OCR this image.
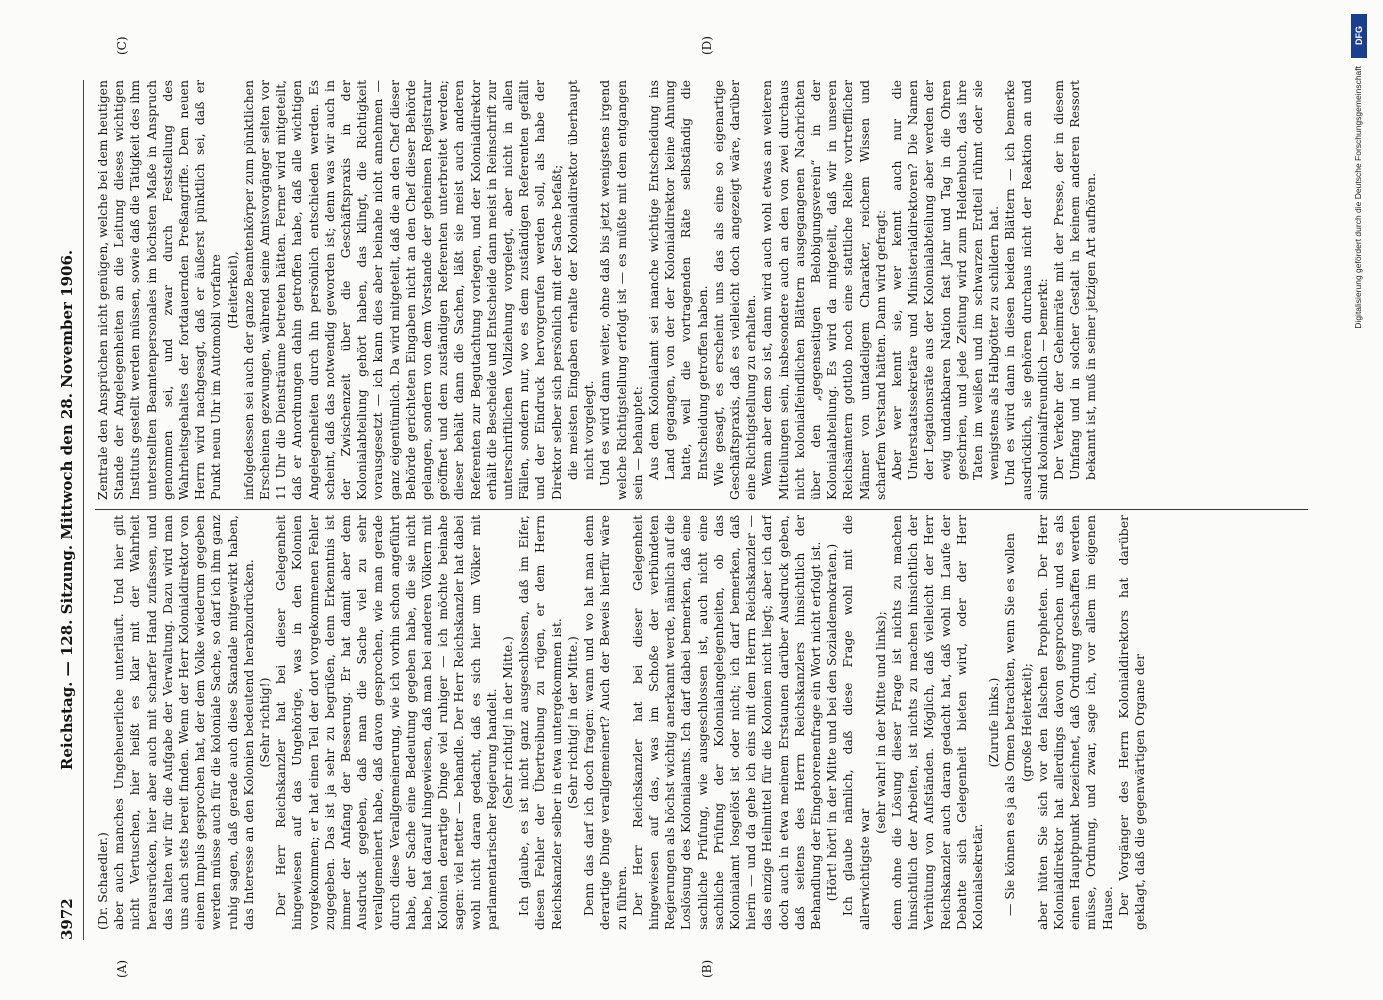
3972
Reichstag. — 128. Sitzung. Mittwoch den 28. November 1906.
(A)	(B)
(C)	(D)

(Dr. Schaedler.) aber auch manches Ungeheuerliche unterläuft. Und hier gilt nicht Vertuschen, hier heißt es klar mit der Wahrheit herausrücken, hier aber auch mit scharfer Hand zufassen, und das halten wir für die Aufgabe der Verwaltung. Dazu wird man uns auch stets bereit finden. Wenn der Herr Kolonialdirektor von einem Impuls gesprochen hat, der dem Volke wiederum gegeben werden müsse auch für die koloniale Sache, so darf ich ihm ganz ruhig sagen, daß gerade auch diese Skandale mitgewirkt haben, das Interesse an den Kolonien bedeutend herabzudrücken. (Sehr richtig!) Der Herr Reichskanzler hat bei dieser Gelegenheit hingewiesen auf das Ungehörige, was in den Kolonien vorgekommen; er hat einen Teil der dort vorgekommenen Fehler zugegeben. Das ist ja sehr zu begrüßen, denn Erkenntnis ist immer der Anfang der Besserung. Er hat damit aber dem Ausdruck gegeben, daß man die Sache viel zu sehr verallgemeinert habe, daß davon gesprochen, wie man gerade durch diese Verallgemeinerung, wie ich vorhin schon angeführt habe, der Sache eine Bedeutung gegeben habe, die sie nicht habe, hat darauf hingewiesen, daß man bei anderen Völkern mit Kolonien derartige Dinge viel ruhiger — ich möchte beinahe sagen: viel netter — behandle. Der Herr Reichskanzler hat dabei wohl nicht daran gedacht, daß es sich hier um Völker mit parlamentarischer Regierung handelt. (Sehr richtig! in der Mitte.) Ich glaube, es ist nicht ganz ausgeschlossen, daß im Eifer, diesen Fehler der Übertreibung zu rügen, er dem Herrn Reichskanzler selber in etwa untergekommen ist. (Sehr richtig! in der Mitte.) Denn das darf ich doch fragen: wann und wo hat man denn derartige Dinge verallgemeinert? Auch der Beweis hierfür wäre zu führen. Der Herr Reichskanzler hat bei dieser Gelegenheit hingewiesen auf das, was im Schoße der verbündeten Regierungen als höchst wichtig anerkannt werde, nämlich auf die Loslösung des Kolonialamts. Ich darf dabei bemerken, daß eine sachliche Prüfung, wie ausgeschlossen ist, auch nicht eine sachliche Prüfung der Kolonialangelegenheiten, ob das Kolonialamt losgelöst ist oder nicht; ich darf bemerken, daß hierin — und da gehe ich eins mit dem Herrn Reichskanzler — das einzige Heilmittel für die Kolonien nicht liegt; aber ich darf doch auch in etwa meinem Erstaunen darüber Ausdruck geben, daß seitens des Herrn Reichskanzlers hinsichtlich der Behandlung der Eingeborenenfrage ein Wort nicht erfolgt ist. (Hört! hört! in der Mitte und bei den Sozialdemokraten.) Ich glaube nämlich, daß diese Frage wohl mit die allerwichtigste war

(sehr wahr! in der Mitte und links); denn ohne die Lösung dieser Frage ist nichts zu machen hinsichtlich der Arbeiten, ist nichts zu machen hinsichtlich der Verhütung von Aufständen. Möglich, daß vielleicht der Herr Reichskanzler auch daran gedacht hat, daß wohl im Laufe der Debatte sich Gelegenheit bieten wird, oder der Herr Kolonialsekretär.

(Zurufe links.) — Sie können es ja als Omen betrachten, wenn Sie es wollen (große Heiterkeit); aber hüten Sie sich vor den falschen Propheten. Der Herr Kolonialdirektor hat allerdings davon gesprochen und es als einen Hauptpunkt bezeichnet, daß Ordnung geschaffen werden müsse, Ordnung, und zwar, sage ich, vor allem im eigenen Hause. Der Vorgänger des Herrn Kolonialdirektors hat darüber geklagt, daß die gegenwärtigen Organe der

Zentrale den Ansprüchen nicht genügen, welche bei dem heutigen Stande der Angelegenheiten an die Leitung dieses wichtigen Instituts gestellt werden müssen, sowie daß die Tätigkeit des ihm unterstellten Beamtenpersonales im höchsten Maße in Anspruch genommen sei, und zwar durch Feststellung des Wahrheitsgehaltes der fortdauernden Preßangriffe. Dem neuen Herrn wird nachgesagt, daß er äußerst pünktlich sei, daß er Punkt neun Uhr im Automobil vorfahre (Heiterkeit), infolgedessen sei auch der ganze Beamtenkörper zum pünktlichen Erscheinen gezwungen, während seine Amtsvorgänger selten vor 11 Uhr die Diensträume betreten hätten. Ferner wird mitgeteilt, daß er Anordnungen dahin getroffen habe, daß alle wichtigen Angelegenheiten durch ihn persönlich entschieden werden. Es scheint, daß das notwendig geworden ist; denn was wir auch in der Zwischenzeit über die Geschäftspraxis in der Kolonialabteilung gehört haben, das klingt, die Richtigkeit vorausgesetzt — ich kann dies aber beinahe nicht annehmen — ganz eigentümlich. Da wird mitgeteilt, daß die an den Chef dieser Behörde gerichteten Eingaben nicht an den Chef dieser Behörde gelangen, sondern von dem Vorstande der geheimen Registratur geöffnet und dem zuständigen Referenten unterbreitet werden; dieser behält dann die Sachen, läßt sie meist auch anderen Referenten zur Begutachtung vorlegen, und der Kolonialdirektor erhält die Bescheide und Entscheide dann meist in Reinschrift zur unterschriftlichen Vollziehung vorgelegt, aber nicht in allen Fällen, sondern nur, wo es dem zuständigen Referenten gefällt und der Eindruck hervorgerufen werden soll, als habe der Direktor selber sich persönlich mit der Sache befaßt; die meisten Eingaben erhalte der Kolonialdirektor überhaupt nicht vorgelegt. Und es wird dann weiter, ohne daß bis jetzt wenigstens irgend welche Richtigstellung erfolgt ist — es müßte mit dem entgangen sein — behauptet: Aus dem Kolonialamt sei manche wichtige Entscheidung ins Land gegangen, von der der Kolonialdirektor keine Ahnung hatte, weil die vortragenden Räte selbständig die Entscheidung getroffen haben. Wie gesagt, es erscheint uns das als eine so eigenartige Geschäftspraxis, daß es vielleicht doch angezeigt wäre, darüber eine Richtigstellung zu erhalten. Wenn aber dem so ist, dann wird auch wohl etwas an weiteren Mitteilungen sein, insbesondere auch an den von zwei durchaus nicht kolonialfeindlichen Blättern ausgegangenen Nachrichten über den „gegenseitigen Belobigungsverein“ in der Kolonialabteilung. Es wird da mitgeteilt, daß wir in unseren Reichsämtern gottlob noch eine stattliche Reihe vortrefflicher Männer von untadeligem Charakter, reichem Wissen und scharfem Verstand hätten. Dann wird gefragt: Aber wer kennt sie, wer kennt auch nur die Unterstaatssekretäre und Ministerialdirektoren? Die Namen der Legationsräte aus der Kolonialabteilung aber werden der ewig undankbaren Nation fast Jahr und Tag in die Ohren geschrien, und jede Zeitung wird zum Heldenbuch, das ihre Taten im weißen und im schwarzen Erdteil rühmt oder sie wenigstens als Halbgötter zu schildern hat. Und es wird dann in diesen beiden Blättern — ich bemerke ausdrücklich, sie gehören durchaus nicht der Reaktion an und sind kolonialfreundlich — bemerkt: Der Verkehr der Geheimräte mit der Presse, der in diesem Umfang und in solcher Gestalt in keinem anderen Ressort bekannt ist, muß in seiner jetzigen Art aufhören.

DFG
Digitalisierung gefördert durch die Deutsche Forschungsgemeinschaft
